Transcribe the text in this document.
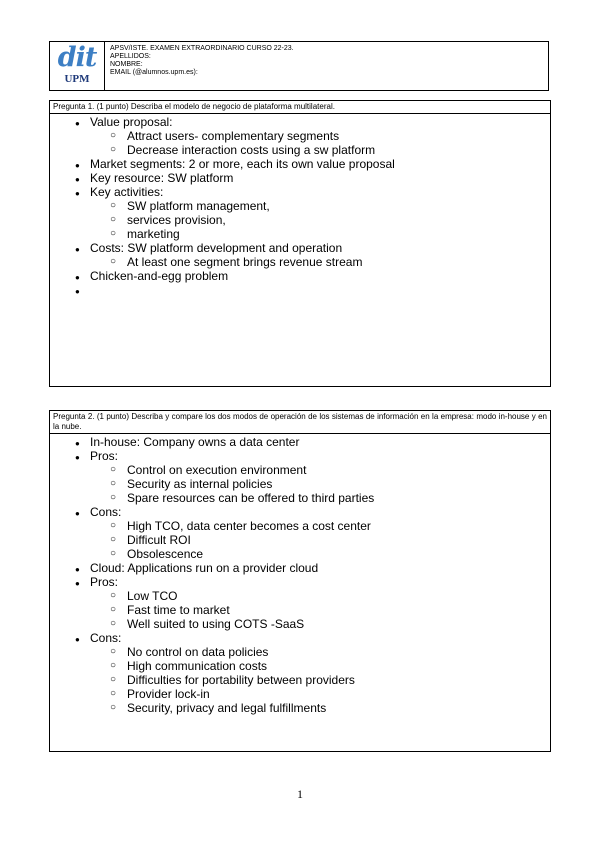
dit
UPM
APSV/ISTE. EXAMEN EXTRAORDINARIO CURSO 22-23.
APELLIDOS:
NOMBRE:
EMAIL (@alumnos.upm.es):
Pregunta 1. (1 punto) Describa el modelo de negocio de plataforma multilateral.
● Value proposal:
○ Attract users- complementary segments
○ Decrease interaction costs using a sw platform
● Market segments: 2 or more, each its own value proposal
● Key resource: SW platform
● Key activities:
○ SW platform management,
○ services provision,
○ marketing
● Costs: SW platform development and operation
○ At least one segment brings revenue stream
● Chicken-and-egg problem
●
Pregunta 2. (1 punto) Describa y compare los dos modos de operación de los sistemas de información en la empresa: modo in-house y en la nube.
● In-house: Company owns a data center
● Pros:
○ Control on execution environment
○ Security as internal policies
○ Spare resources can be offered to third parties
● Cons:
○ High TCO, data center becomes a cost center
○ Difficult ROI
○ Obsolescence
● Cloud: Applications run on a provider cloud
● Pros:
○ Low TCO
○ Fast time to market
○ Well suited to using COTS -SaaS
● Cons:
○ No control on data policies
○ High communication costs
○ Difficulties for portability between providers
○ Provider lock-in
○ Security, privacy and legal fulfillments
1
